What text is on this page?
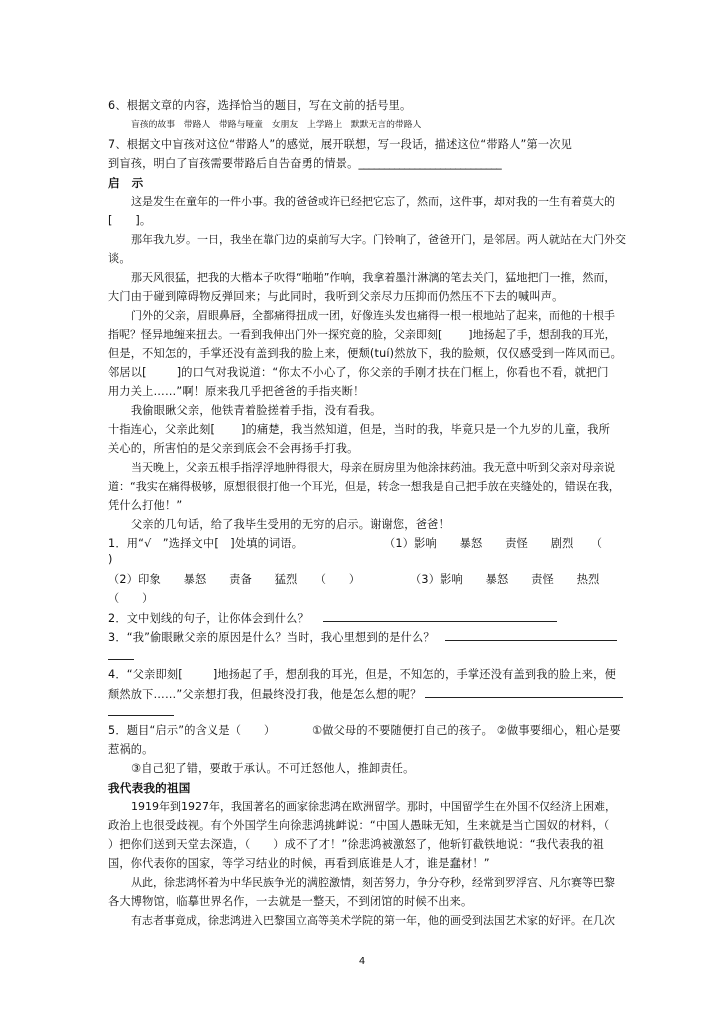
6、根据文章的内容，选择恰当的题目，写在文前的括号里。
盲孩的故事　带路人　带路与哑童　女朋友　上学路上　默默无言的带路人
7、根据文中盲孩对这位“带路人”的感觉，展开联想，写一段话，描述这位“带路人”第一次见
到盲孩，明白了盲孩需要带路后自告奋勇的情景。____________________________
启　示
这是发生在童年的一件小事。我的爸爸或许已经把它忘了，然而，这件事，却对我的一生有着莫大的
[　　]。
那年我九岁。一日，我坐在靠门边的桌前写大字。门铃响了，爸爸开门，是邻居。两人就站在大门外交
谈。
那天风很猛，把我的大楷本子吹得“啪啪”作响，我拿着墨汁淋漓的笔去关门，猛地把门一推，然而，
大门由于碰到障碍物反弹回来；与此同时，我听到父亲尽力压抑而仍然压不下去的喊叫声。
门外的父亲，眉眼鼻唇，全都痛得扭成一团，好像连头发也痛得一根一根地站了起来，而他的十根手
指呢？怪异地缠来扭去。一看到我伸出门外一探究竟的脸，父亲即刻[ ]地扬起了手，想刮我的耳光，
但是，不知怎的，手掌还没有盖到我的脸上来，便颓(tuí)然放下，我的脸颊，仅仅感受到一阵风而已。
邻居以[	]的口气对我说道：“你太不小心了，你父亲的手刚才扶在门框上，你看也不看，就把门
用力关上……”啊！原来我几乎把爸爸的手指夹断！
我偷眼瞅父亲，他铁青着脸搓着手指，没有看我。
十指连心，父亲此刻[ ]的痛楚，我当然知道，但是，当时的我，毕竟只是一个九岁的儿童，我所
关心的，所害怕的是父亲到底会不会再扬手打我。
当天晚上，父亲五根手指浮浮地肿得很大，母亲在厨房里为他涂抹药油。我无意中听到父亲对母亲说
道：“我实在痛得极够，原想很很打他一个耳光，但是，转念一想我是自己把手放在夹缝处的，错误在我，
凭什么打他！”
父亲的几句话，给了我毕生受用的无穷的启示。谢谢您，爸爸！
1．用“√　”选择文中[　]处填的词语。	（1）影响　　暴怒　　责怪　　剧烈　　（
)
（2）印象　　暴怒　　责备　　猛烈　　（　　）	（3）影响　　暴怒　　责怪　　热烈
（　　）
2．文中划线的句子，让你体会到什么？
3．“我”偷眼瞅父亲的原因是什么？当时，我心里想到的是什么？
4．“父亲即刻[	]地扬起了手，想刮我的耳光，但是，不知怎的，手掌还没有盖到我的脸上来，便
颓然放下……”父亲想打我，但最终没打我，他是怎么想的呢？
5．题目“启示”的含义是（　　）	①做父母的不要随便打自己的孩子。 ②做事要细心，粗心是要
惹祸的。
③自己犯了错，要敢于承认。不可迁怒他人，推卸责任。
我代表我的祖国
1919年到1927年，我国著名的画家徐悲鸿在欧洲留学。那时，中国留学生在外国不仅经济上困难，
政治上也很受歧视。有个外国学生向徐悲鸿挑衅说：“中国人愚昧无知，生来就是当亡国奴的材料，（
）把你们送到天堂去深造，（　　）成不了才！”徐悲鸿被激怒了，他斩钉截铁地说：“我代表我的祖
国，你代表你的国家，等学习结业的时候，再看到底谁是人才，谁是蠢材！”
从此，徐悲鸿怀着为中华民族争光的满腔激情，刻苦努力，争分夺秒，经常到罗浮宫、凡尔赛等巴黎
各大博物馆，临摹世界名作，一去就是一整天，不到闭馆的时候不出来。
有志者事竟成，徐悲鸿进入巴黎国立高等美术学院的第一年，他的画受到法国艺术家的好评。在几次
4
